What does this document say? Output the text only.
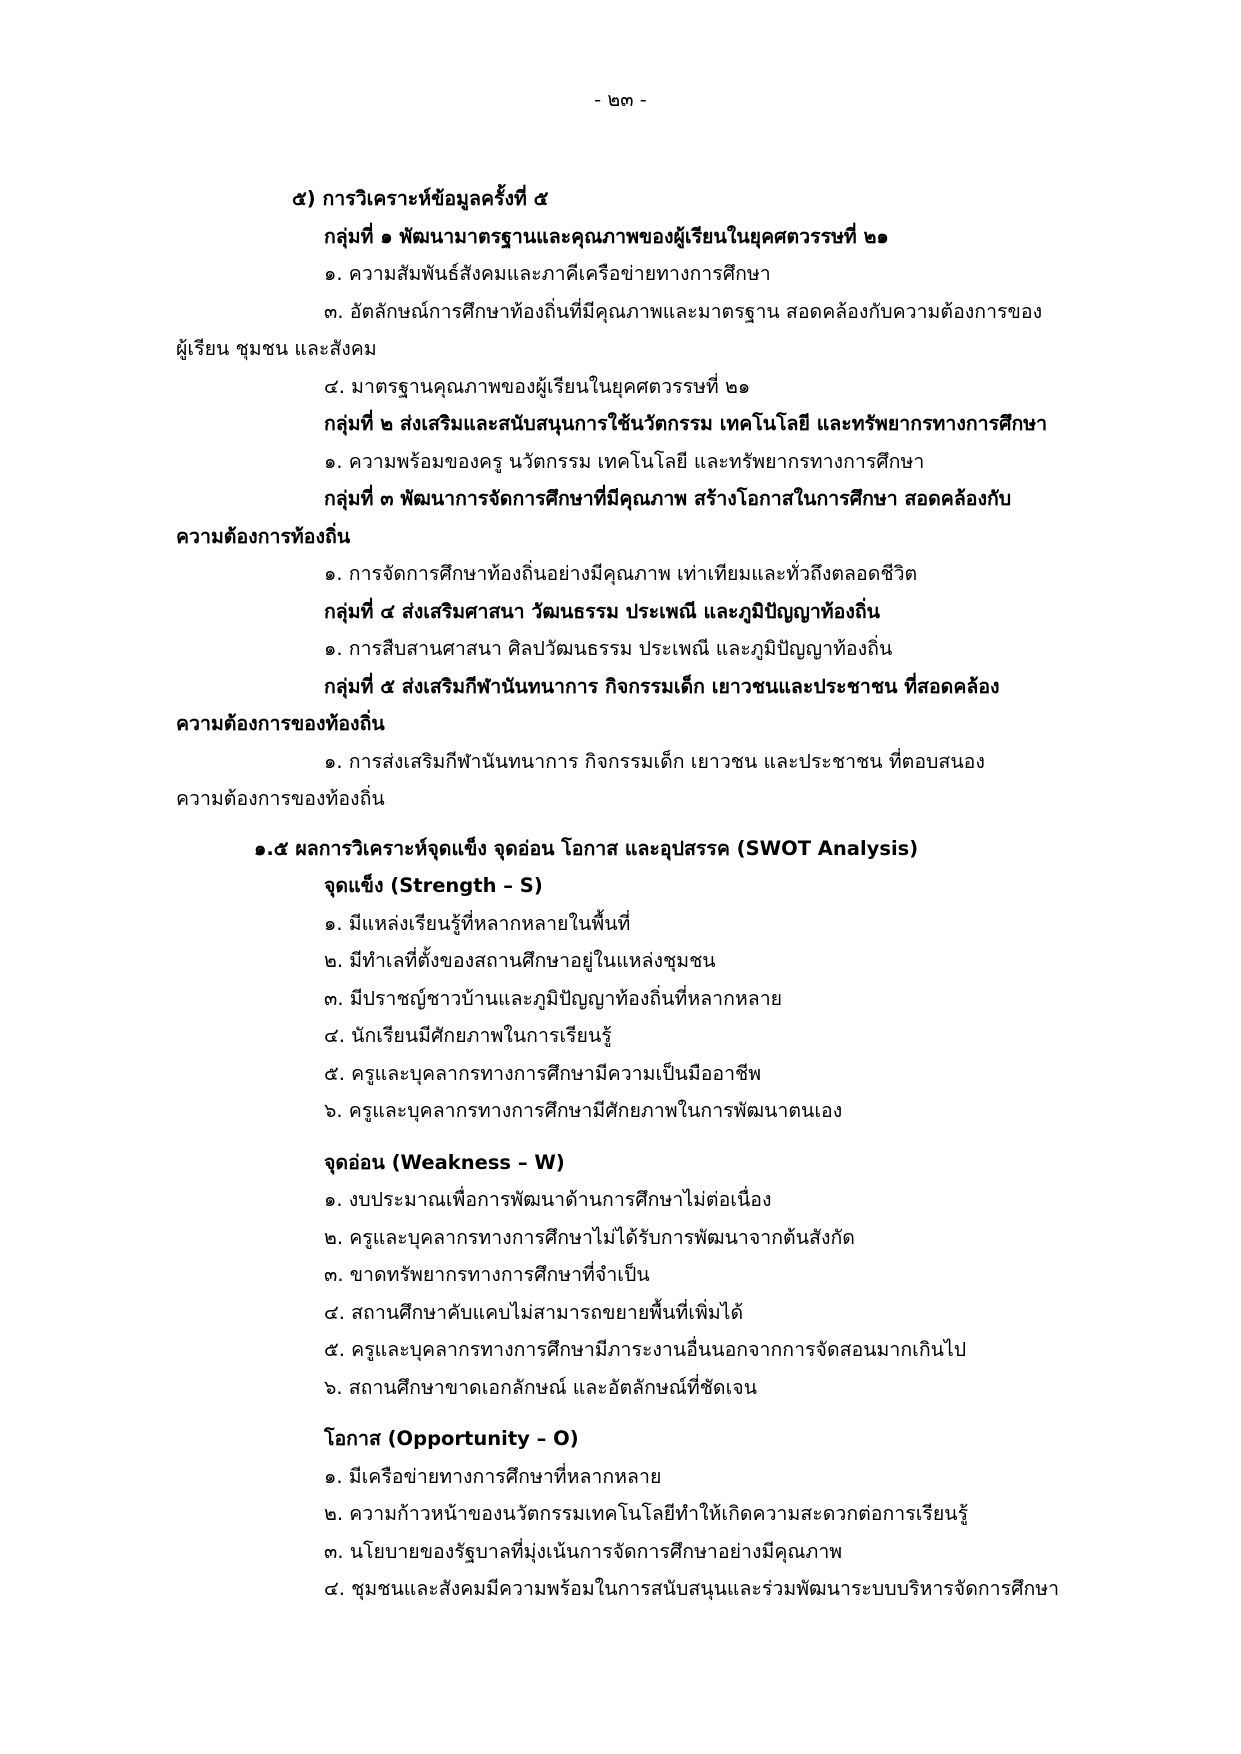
- ๒๓ -

๕) การวิเคราะห์ข้อมูลครั้งที่ ๕

กลุ่มที่ ๑ พัฒนามาตรฐานและคุณภาพของผู้เรียนในยุคศตวรรษที่ ๒๑

๑. ความสัมพันธ์สังคมและภาคีเครือข่ายทางการศึกษา

๓. อัตลักษณ์การศึกษาท้องถิ่นที่มีคุณภาพและมาตรฐาน สอดคล้องกับความต้องการของ

ผู้เรียน ชุมชน และสังคม

๔. มาตรฐานคุณภาพของผู้เรียนในยุคศตวรรษที่ ๒๑

กลุ่มที่ ๒ ส่งเสริมและสนับสนุนการใช้นวัตกรรม เทคโนโลยี และทรัพยากรทางการศึกษา

๑. ความพร้อมของครู นวัตกรรม เทคโนโลยี และทรัพยากรทางการศึกษา

กลุ่มที่ ๓ พัฒนาการจัดการศึกษาที่มีคุณภาพ สร้างโอกาสในการศึกษา สอดคล้องกับ

ความต้องการท้องถิ่น

๑. การจัดการศึกษาท้องถิ่นอย่างมีคุณภาพ เท่าเทียมและทั่วถึงตลอดชีวิต

กลุ่มที่ ๔ ส่งเสริมศาสนา วัฒนธรรม ประเพณี และภูมิปัญญาท้องถิ่น

๑. การสืบสานศาสนา ศิลปวัฒนธรรม ประเพณี และภูมิปัญญาท้องถิ่น

กลุ่มที่ ๕ ส่งเสริมกีฬานันทนาการ กิจกรรมเด็ก เยาวชนและประชาชน ที่สอดคล้อง

ความต้องการของท้องถิ่น

๑. การส่งเสริมกีฬานันทนาการ กิจกรรมเด็ก เยาวชน และประชาชน ที่ตอบสนอง

ความต้องการของท้องถิ่น

๑.๕ ผลการวิเคราะห์จุดแข็ง จุดอ่อน โอกาส และอุปสรรค (SWOT Analysis)

จุดแข็ง (Strength – S)

๑. มีแหล่งเรียนรู้ที่หลากหลายในพื้นที่

๒. มีทำเลที่ตั้งของสถานศึกษาอยู่ในแหล่งชุมชน

๓. มีปราชญ์ชาวบ้านและภูมิปัญญาท้องถิ่นที่หลากหลาย

๔. นักเรียนมีศักยภาพในการเรียนรู้

๕. ครูและบุคลากรทางการศึกษามีความเป็นมืออาชีพ

๖. ครูและบุคลากรทางการศึกษามีศักยภาพในการพัฒนาตนเอง

จุดอ่อน (Weakness – W)

๑. งบประมาณเพื่อการพัฒนาด้านการศึกษาไม่ต่อเนื่อง

๒. ครูและบุคลากรทางการศึกษาไม่ได้รับการพัฒนาจากต้นสังกัด

๓. ขาดทรัพยากรทางการศึกษาที่จำเป็น

๔. สถานศึกษาคับแคบไม่สามารถขยายพื้นที่เพิ่มได้

๕. ครูและบุคลากรทางการศึกษามีภาระงานอื่นนอกจากการจัดสอนมากเกินไป

๖. สถานศึกษาขาดเอกลักษณ์ และอัตลักษณ์ที่ชัดเจน

โอกาส (Opportunity – O)

๑. มีเครือข่ายทางการศึกษาที่หลากหลาย

๒. ความก้าวหน้าของนวัตกรรมเทคโนโลยีทำให้เกิดความสะดวกต่อการเรียนรู้

๓. นโยบายของรัฐบาลที่มุ่งเน้นการจัดการศึกษาอย่างมีคุณภาพ

๔. ชุมชนและสังคมมีความพร้อมในการสนับสนุนและร่วมพัฒนาระบบบริหารจัดการศึกษา
